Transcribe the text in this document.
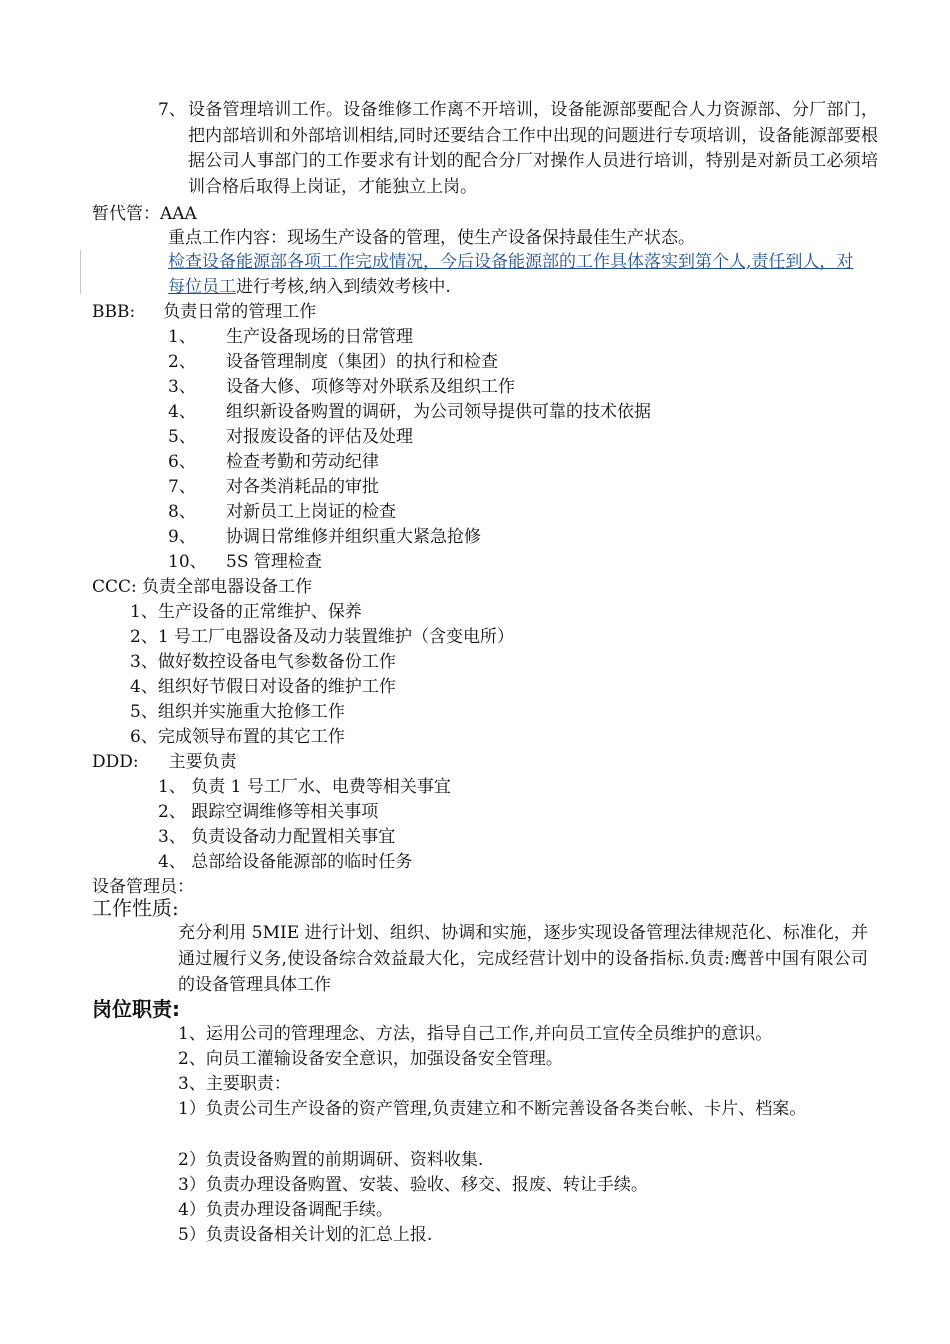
7、 设备管理培训工作。设备维修工作离不开培训，设备能源部要配合人力资源部、分厂部门，把内部培训和外部培训相结,同时还要结合工作中出现的问题进行专项培训，设备能源部要根据公司人事部门的工作要求有计划的配合分厂对操作人员进行培训，特别是对新员工必须培训合格后取得上岗证，才能独立上岗。
暂代管：AAA
重点工作内容：现场生产设备的管理，使生产设备保持最佳生产状态。
检查设备能源部各项工作完成情况，今后设备能源部的工作具体落实到第个人,责任到人，对每位员工进行考核,纳入到绩效考核中.
BBB: 负责日常的管理工作
1、 生产设备现场的日常管理
2、 设备管理制度（集团）的执行和检查
3、 设备大修、项修等对外联系及组织工作
4、 组织新设备购置的调研，为公司领导提供可靠的技术依据
5、 对报废设备的评估及处理
6、 检查考勤和劳动纪律
7、 对各类消耗品的审批
8、 对新员工上岗证的检查
9、 协调日常维修并组织重大紧急抢修
10、 5S 管理检查
CCC: 负责全部电器设备工作
1、生产设备的正常维护、保养
2、1 号工厂电器设备及动力装置维护（含变电所）
3、做好数控设备电气参数备份工作
4、组织好节假日对设备的维护工作
5、组织并实施重大抢修工作
6、完成领导布置的其它工作
DDD: 主要负责
1、 负责 1 号工厂水、电费等相关事宜
2、 跟踪空调维修等相关事项
3、 负责设备动力配置相关事宜
4、 总部给设备能源部的临时任务
设备管理员：
工作性质:
充分利用 5MIE 进行计划、组织、协调和实施，逐步实现设备管理法律规范化、标准化，并通过履行义务,使设备综合效益最大化，完成经营计划中的设备指标.负责:鹰普中国有限公司的设备管理具体工作
岗位职责:
1、运用公司的管理理念、方法，指导自己工作,并向员工宣传全员维护的意识。
2、向员工灌输设备安全意识，加强设备安全管理。
3、主要职责：
1）负责公司生产设备的资产管理,负责建立和不断完善设备各类台帐、卡片、档案。
2）负责设备购置的前期调研、资料收集.
3）负责办理设备购置、安装、验收、移交、报废、转让手续。
4）负责办理设备调配手续。
5）负责设备相关计划的汇总上报.
